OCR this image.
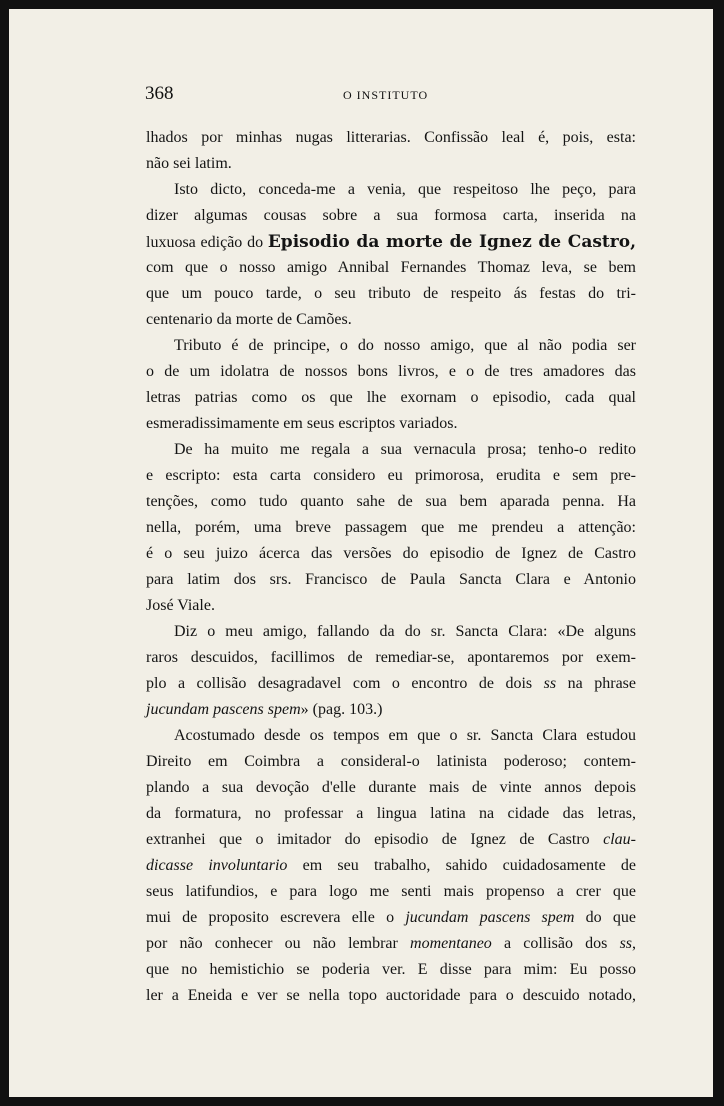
368	O INSTITUTO
lhados por minhas nugas litterarias. Confissão leal é, pois, esta:
não sei latim.
Isto dicto, conceda-me a venia, que respeitoso lhe peço, para
dizer algumas cousas sobre a sua formosa carta, inserida na
luxuosa edição do Episodio da morte de Ignez de Castro,
com que o nosso amigo Annibal Fernandes Thomaz leva, se bem
que um pouco tarde, o seu tributo de respeito ás festas do tri-
centenario da morte de Camões.
Tributo é de principe, o do nosso amigo, que al não podia ser
o de um idolatra de nossos bons livros, e o de tres amadores das
letras patrias como os que lhe exornam o episodio, cada qual
esmeradissimamente em seus escriptos variados.
De ha muito me regala a sua vernacula prosa; tenho-o redito
e escripto: esta carta considero eu primorosa, erudita e sem pre-
tenções, como tudo quanto sahe de sua bem aparada penna. Ha
nella, porém, uma breve passagem que me prendeu a attenção:
é o seu juizo ácerca das versões do episodio de Ignez de Castro
para latim dos srs. Francisco de Paula Sancta Clara e Antonio
José Viale.
Diz o meu amigo, fallando da do sr. Sancta Clara: «De alguns
raros descuidos, facillimos de remediar-se, apontaremos por exem-
plo a collisão desagradavel com o encontro de dois ss na phrase
jucundam pascens spem» (pag. 103.)
Acostumado desde os tempos em que o sr. Sancta Clara estudou
Direito em Coimbra a consideral-o latinista poderoso; contem-
plando a sua devoção d'elle durante mais de vinte annos depois
da formatura, no professar a lingua latina na cidade das letras,
extranhei que o imitador do episodio de Ignez de Castro clau-
dicasse involuntario em seu trabalho, sahido cuidadosamente de
seus latifundios, e para logo me senti mais propenso a crer que
mui de proposito escrevera elle o jucundam pascens spem do que
por não conhecer ou não lembrar momentaneo a collisão dos ss,
que no hemistichio se poderia ver. E disse para mim: Eu posso
ler a Eneida e ver se nella topo auctoridade para o descuido notado,
